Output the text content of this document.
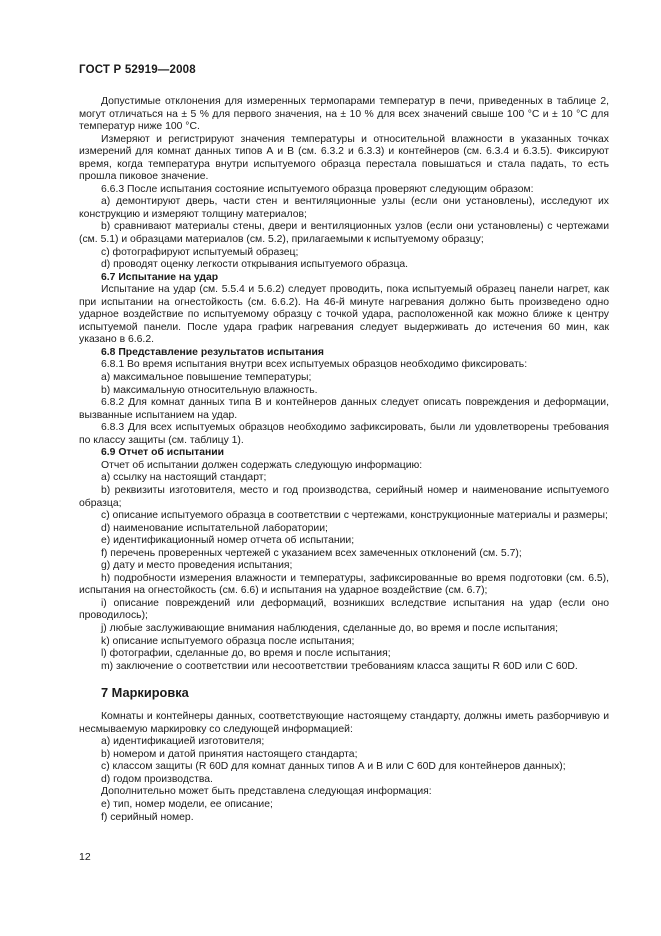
ГОСТ Р 52919—2008

Допустимые отклонения для измеренных термопарами температур в печи, приведенных в таблице 2, могут отличаться на ± 5 % для первого значения, на ± 10 % для всех значений свыше 100 °С и ± 10 °С для температур ниже 100 °С.

Измеряют и регистрируют значения температуры и относительной влажности в указанных точках измерений для комнат данных типов А и В (см. 6.3.2 и 6.3.3) и контейнеров (см. 6.3.4 и 6.3.5). Фиксируют время, когда температура внутри испытуемого образца перестала повышаться и стала падать, то есть прошла пиковое значение.

6.6.3 После испытания состояние испытуемого образца проверяют следующим образом:

a) демонтируют дверь, части стен и вентиляционные узлы (если они установлены), исследуют их конструкцию и измеряют толщину материалов;

b) сравнивают материалы стены, двери и вентиляционных узлов (если они установлены) с чертежами (см. 5.1) и образцами материалов (см. 5.2), прилагаемыми к испытуемому образцу;

c) фотографируют испытуемый образец;

d) проводят оценку легкости открывания испытуемого образца.

6.7 Испытание на удар

Испытание на удар (см. 5.5.4 и 5.6.2) следует проводить, пока испытуемый образец панели нагрет, как при испытании на огнестойкость (см. 6.6.2). На 46-й минуте нагревания должно быть произведено одно ударное воздействие по испытуемому образцу с точкой удара, расположенной как можно ближе к центру испытуемой панели. После удара график нагревания следует выдерживать до истечения 60 мин, как указано в 6.6.2.

6.8 Представление результатов испытания

6.8.1 Во время испытания внутри всех испытуемых образцов необходимо фиксировать:

a) максимальное повышение температуры;

b) максимальную относительную влажность.

6.8.2 Для комнат данных типа В и контейнеров данных следует описать повреждения и деформации, вызванные испытанием на удар.

6.8.3 Для всех испытуемых образцов необходимо зафиксировать, были ли удовлетворены требования по классу защиты (см. таблицу 1).

6.9 Отчет об испытании

Отчет об испытании должен содержать следующую информацию:

a) ссылку на настоящий стандарт;

b) реквизиты изготовителя, место и год производства, серийный номер и наименование испытуемого образца;

c) описание испытуемого образца в соответствии с чертежами, конструкционные материалы и размеры;

d) наименование испытательной лаборатории;

e) идентификационный номер отчета об испытании;

f) перечень проверенных чертежей с указанием всех замеченных отклонений (см. 5.7);

g) дату и место проведения испытания;

h) подробности измерения влажности и температуры, зафиксированные во время подготовки (см. 6.5), испытания на огнестойкость (см. 6.6) и испытания на ударное воздействие (см. 6.7);

i) описание повреждений или деформаций, возникших вследствие испытания на удар (если оно проводилось);

j) любые заслуживающие внимания наблюдения, сделанные до, во время и после испытания;

k) описание испытуемого образца после испытания;

l) фотографии, сделанные до, во время и после испытания;

m) заключение о соответствии или несоответствии требованиям класса защиты R 60D или C 60D.

7 Маркировка

Комнаты и контейнеры данных, соответствующие настоящему стандарту, должны иметь разборчивую и несмываемую маркировку со следующей информацией:

a) идентификацией изготовителя;

b) номером и датой принятия настоящего стандарта;

c) классом защиты (R 60D для комнат данных типов А и В или С 60D для контейнеров данных);

d) годом производства.

Дополнительно может быть представлена следующая информация:

e) тип, номер модели, ее описание;

f) серийный номер.

12
